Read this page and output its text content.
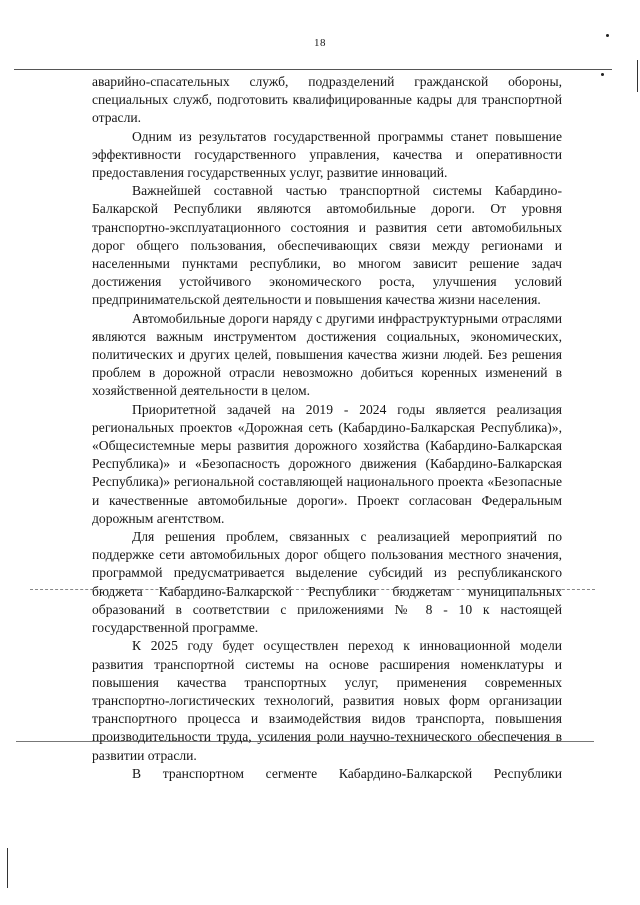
18

аварийно-спасательных служб, подразделений гражданской обороны, специальных служб, подготовить квалифицированные кадры для транспортной отрасли.

Одним из результатов государственной программы станет повышение эффективности государственного управления, качества и оперативности предоставления государственных услуг, развитие инноваций.

Важнейшей составной частью транспортной системы Кабардино-Балкарской Республики являются автомобильные дороги. От уровня транспортно-эксплуатационного состояния и развития сети автомобильных дорог общего пользования, обеспечивающих связи между регионами и населенными пунктами республики, во многом зависит решение задач достижения устойчивого экономического роста, улучшения условий предпринимательской деятельности и повышения качества жизни населения.

Автомобильные дороги наряду с другими инфраструктурными отраслями являются важным инструментом достижения социальных, экономических, политических и других целей, повышения качества жизни людей. Без решения проблем в дорожной отрасли невозможно добиться коренных изменений в хозяйственной деятельности в целом.

Приоритетной задачей на 2019 - 2024 годы является реализация региональных проектов «Дорожная сеть (Кабардино-Балкарская Республика)», «Общесистемные меры развития дорожного хозяйства (Кабардино-Балкарская Республика)» и «Безопасность дорожного движения (Кабардино-Балкарская Республика)» региональной составляющей национального проекта «Безопасные и качественные автомобильные дороги». Проект согласован Федеральным дорожным агентством.

Для решения проблем, связанных с реализацией мероприятий по поддержке сети автомобильных дорог общего пользования местного значения, программой предусматривается выделение субсидий из республиканского бюджета Кабардино-Балкарской Республики бюджетам муниципальных образований в соответствии с приложениями № 8 - 10 к настоящей государственной программе.

К 2025 году будет осуществлен переход к инновационной модели развития транспортной системы на основе расширения номенклатуры и повышения качества транспортных услуг, применения современных транспортно-логистических технологий, развития новых форм организации транспортного процесса и взаимодействия видов транспорта, повышения производительности труда, усиления роли научно-технического обеспечения в развитии отрасли.

В транспортном сегменте Кабардино-Балкарской Республики
